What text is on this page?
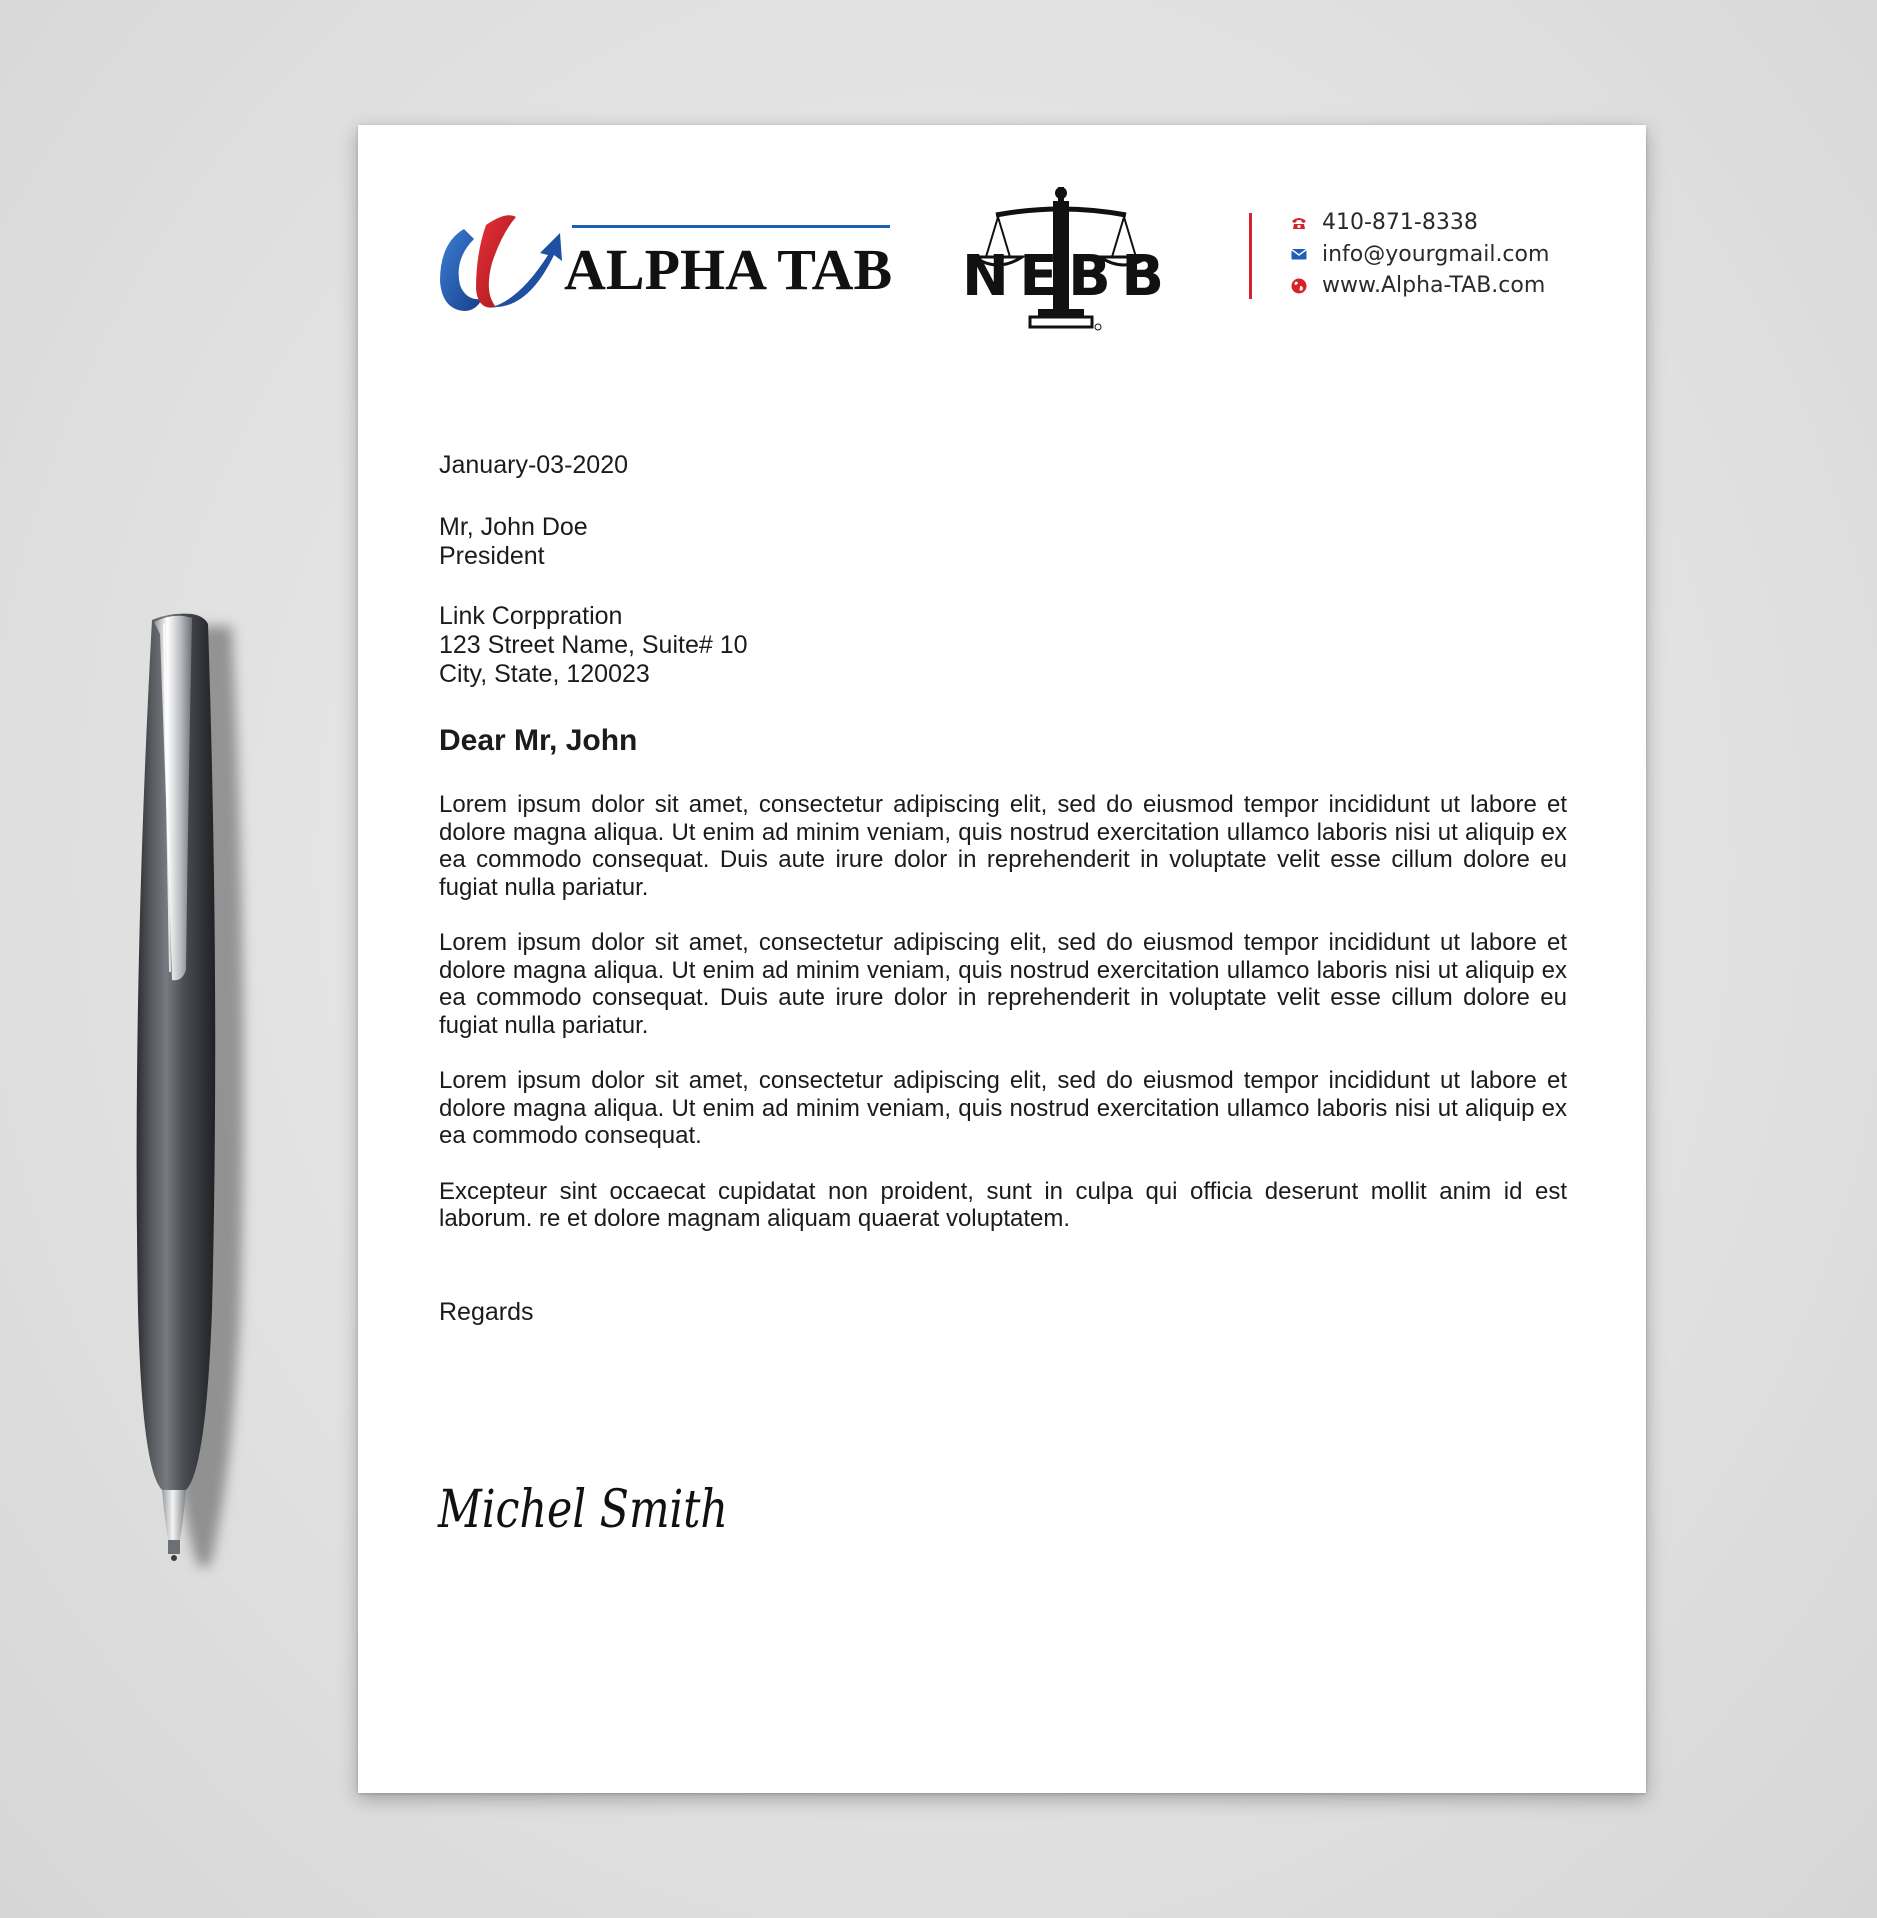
ALPHA TAB NEBB
410-871-8338
info@yourgmail.com
www.Alpha-TAB.com
January-03-2020
Mr, John Doe
President
Link Corppration
123 Street Name, Suite# 10
City, State, 120023
Dear Mr, John

Lorem ipsum dolor sit amet, consectetur adipiscing elit, sed do eiusmod tempor incididunt ut labore et dolore magna aliqua. Ut enim ad minim veniam, quis nostrud exercitation ullamco laboris nisi ut aliquip ex ea commodo consequat. Duis aute irure dolor in reprehenderit in voluptate velit esse cillum dolore eu fugiat nulla pariatur.

Lorem ipsum dolor sit amet, consectetur adipiscing elit, sed do eiusmod tempor incididunt ut labore et dolore magna aliqua. Ut enim ad minim veniam, quis nostrud exercitation ullamco laboris nisi ut aliquip ex ea commodo consequat. Duis aute irure dolor in reprehenderit in voluptate velit esse cillum dolore eu fugiat nulla pariatur.

Lorem ipsum dolor sit amet, consectetur adipiscing elit, sed do eiusmod tempor incididunt ut labore et dolore magna aliqua. Ut enim ad minim veniam, quis nostrud exercitation ullamco laboris nisi ut aliquip ex ea commodo consequat.

Excepteur sint occaecat cupidatat non proident, sunt in culpa qui officia deserunt mollit anim id est laborum. re et dolore magnam aliquam quaerat voluptatem.

Regards
Michel Smith
